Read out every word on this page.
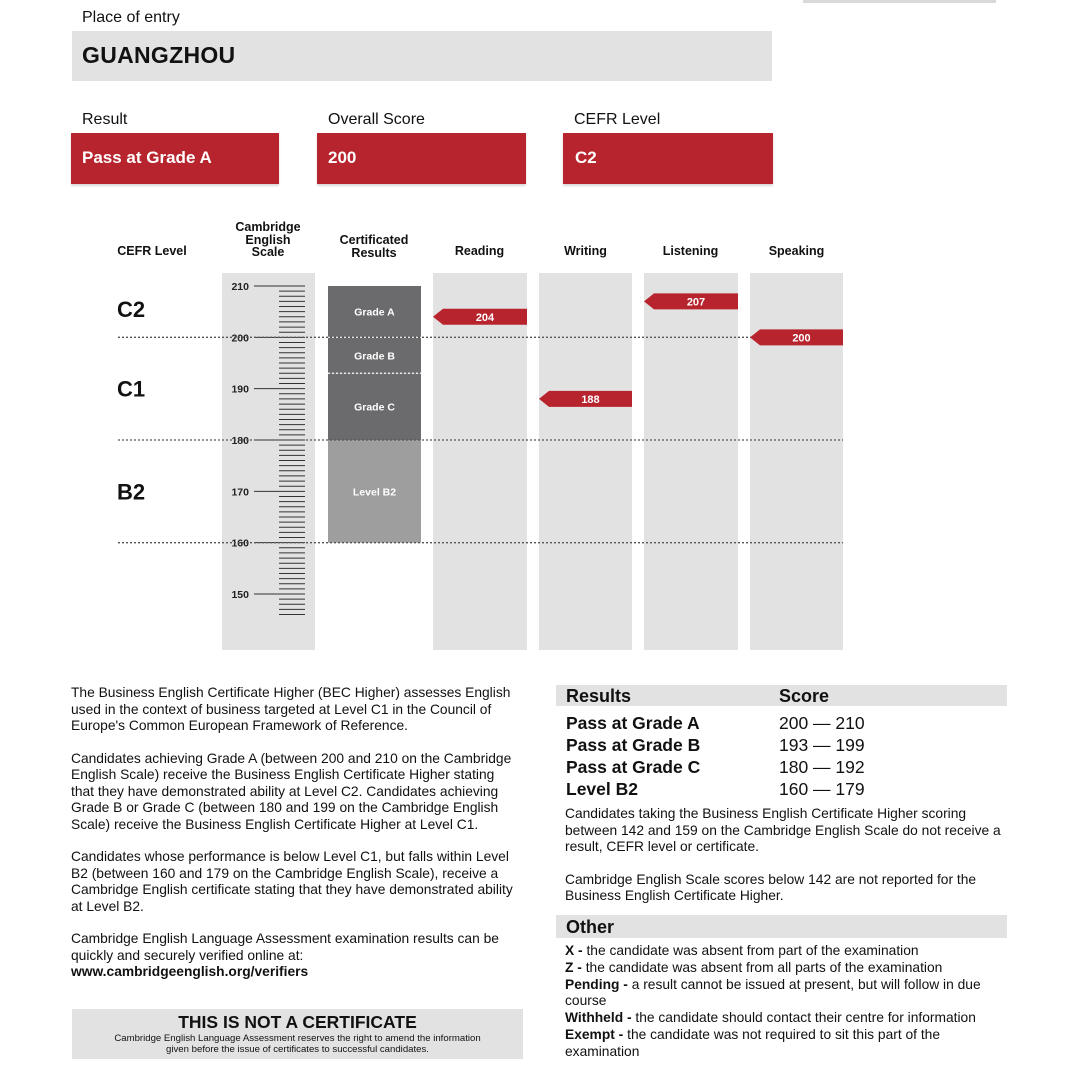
Place of entry
GUANGZHOU
Result
Pass at Grade A
Overall Score
200
CEFR Level
C2
CEFR Level
Cambridge English Scale
Certificated Results	Reading	Writing	Listening	Speaking
Grade A
Grade B
Grade C
Level B2
210
200
190
180
170
160
150
C2
C1
B2
204
188
207
200

The Business English Certificate Higher (BEC Higher) assesses English used in the context of business targeted at Level C1 in the Council of Europe's Common European Framework of Reference.

Candidates achieving Grade A (between 200 and 210 on the Cambridge English Scale) receive the Business English Certificate Higher stating that they have demonstrated ability at Level C2. Candidates achieving Grade B or Grade C (between 180 and 199 on the Cambridge English Scale) receive the Business English Certificate Higher at Level C1.

Candidates whose performance is below Level C1, but falls within Level B2 (between 160 and 179 on the Cambridge English Scale), receive a Cambridge English certificate stating that they have demonstrated ability at Level B2.

Cambridge English Language Assessment examination results can be quickly and securely verified online at:

www.cambridgeenglish.org/verifiers
THIS IS NOT A CERTIFICATE
Cambridge English Language Assessment reserves the right to amend the information given before the issue of certificates to successful candidates.
Results	Score
Pass at Grade A	200 — 210
Pass at Grade B	193 — 199
Pass at Grade C	180 — 192
Level B2	160 — 179

Candidates taking the Business English Certificate Higher scoring between 142 and 159 on the Cambridge English Scale do not receive a result, CEFR level or certificate.

Cambridge English Scale scores below 142 are not reported for the Business English Certificate Higher.

Other
X - the candidate was absent from part of the examination
Z - the candidate was absent from all parts of the examination
Pending - a result cannot be issued at present, but will follow in due course
Withheld - the candidate should contact their centre for information
Exempt - the candidate was not required to sit this part of the examination
